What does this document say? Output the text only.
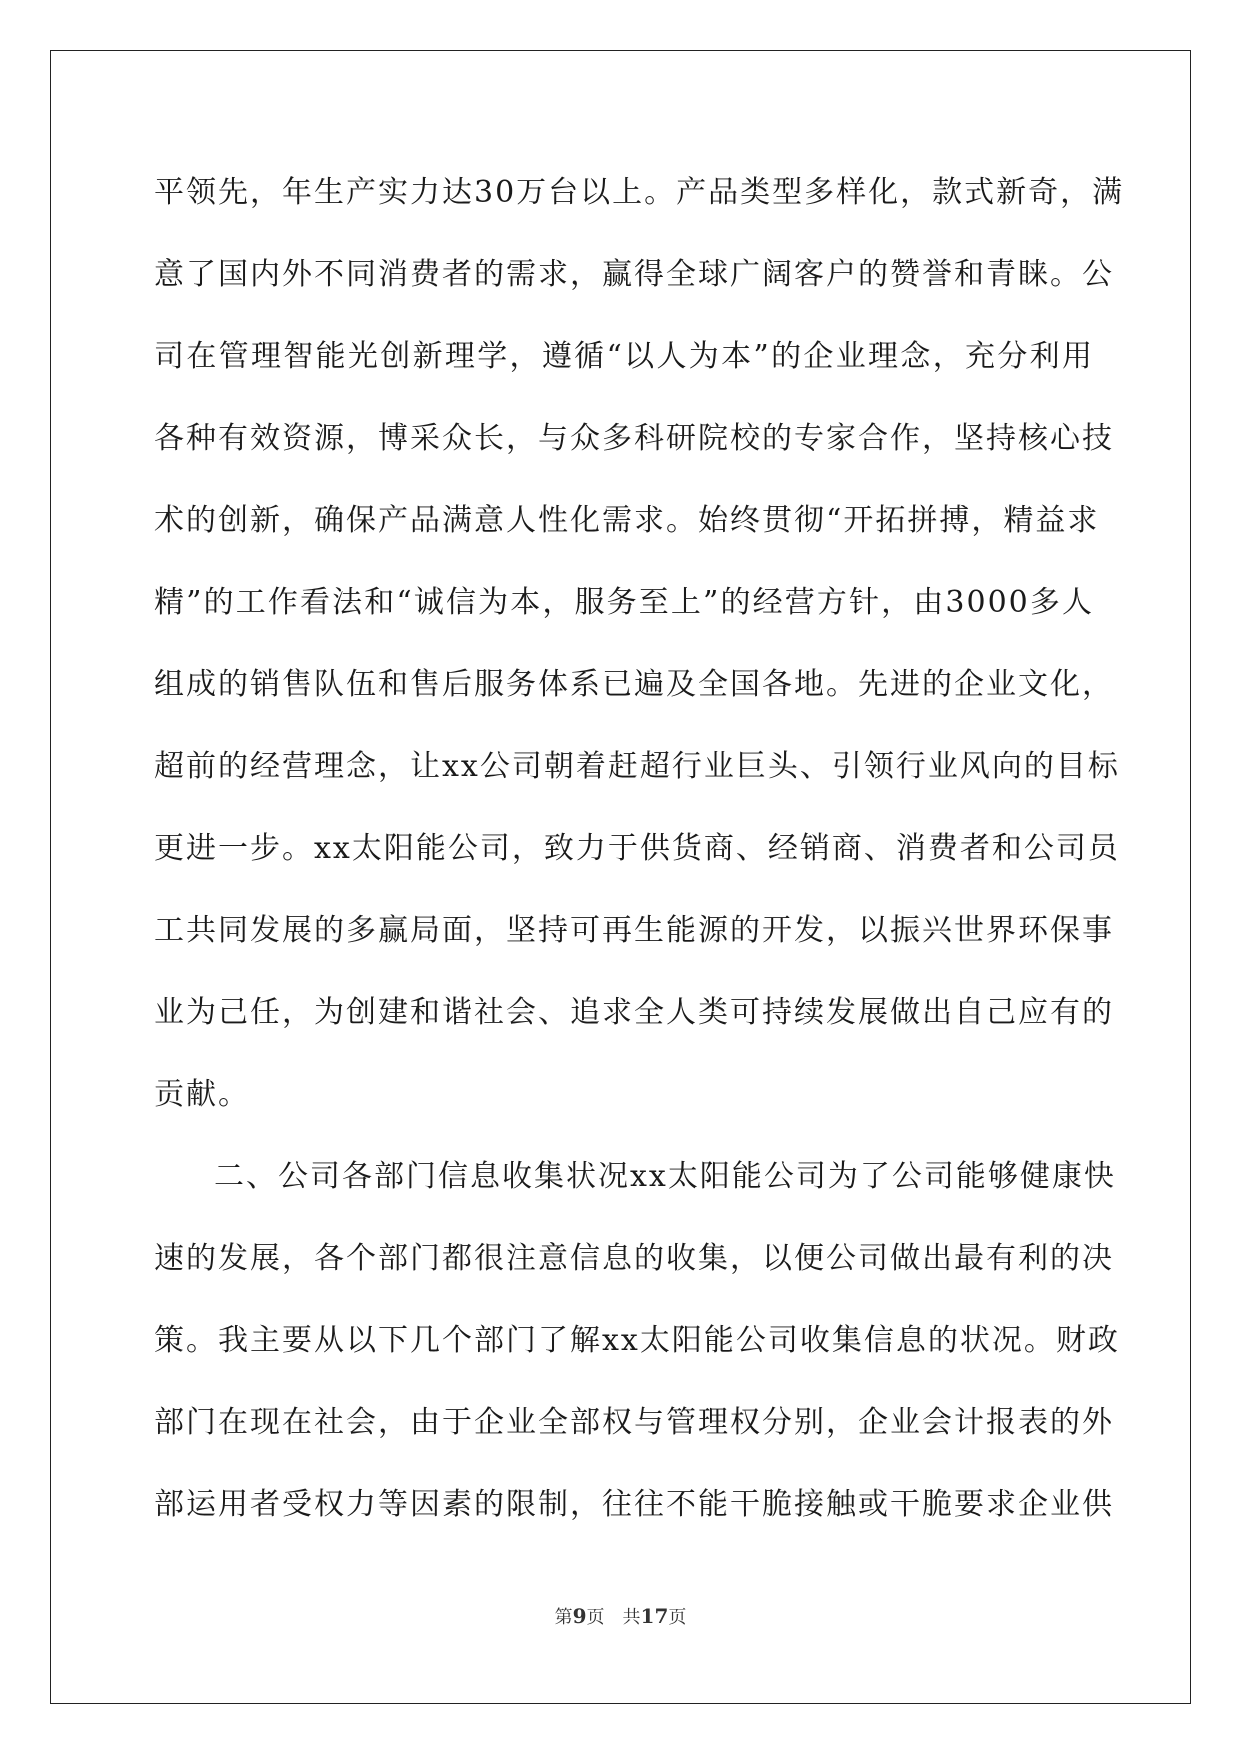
平领先，年生产实力达30万台以上。产品类型多样化，款式新奇，满
意了国内外不同消费者的需求，赢得全球广阔客户的赞誉和青睐。公
司在管理智能光创新理学，遵循“以人为本”的企业理念，充分利用
各种有效资源，博采众长，与众多科研院校的专家合作，坚持核心技
术的创新，确保产品满意人性化需求。始终贯彻“开拓拼搏，精益求
精”的工作看法和“诚信为本，服务至上”的经营方针，由3000多人
组成的销售队伍和售后服务体系已遍及全国各地。先进的企业文化，
超前的经营理念，让xx公司朝着赶超行业巨头、引领行业风向的目标
更进一步。xx太阳能公司，致力于供货商、经销商、消费者和公司员
工共同发展的多赢局面，坚持可再生能源的开发，以振兴世界环保事
业为己任，为创建和谐社会、追求全人类可持续发展做出自己应有的
贡献。
二、公司各部门信息收集状况xx太阳能公司为了公司能够健康快
速的发展，各个部门都很注意信息的收集，以便公司做出最有利的决
策。我主要从以下几个部门了解xx太阳能公司收集信息的状况。财政
部门在现在社会，由于企业全部权与管理权分别，企业会计报表的外
部运用者受权力等因素的限制，往往不能干脆接触或干脆要求企业供
第9页 共17页
